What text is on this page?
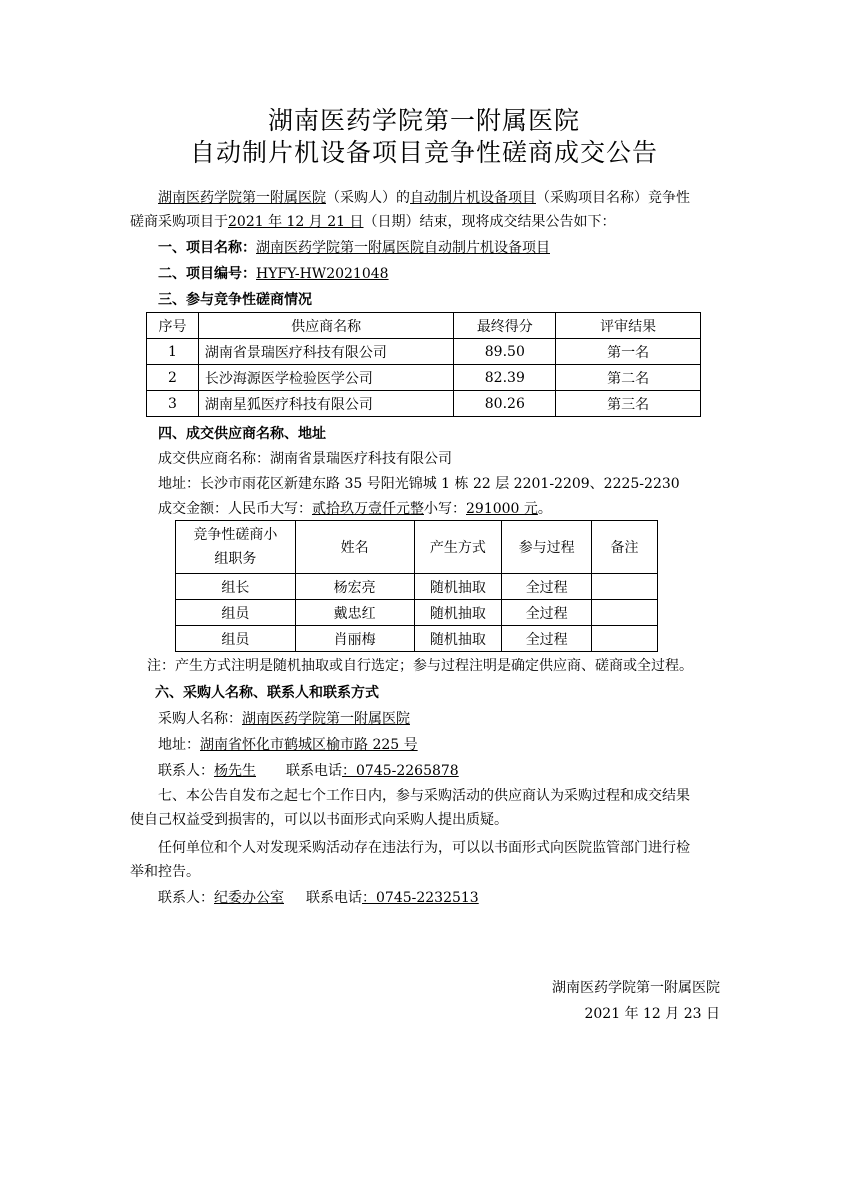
湖南医药学院第一附属医院
自动制片机设备项目竞争性磋商成交公告
湖南医药学院第一附属医院（采购人）的自动制片机设备项目（采购项目名称）竞争性
磋商采购项目于2021 年 12 月 21 日（日期）结束，现将成交结果公告如下：
一、项目名称：湖南医药学院第一附属医院自动制片机设备项目
二、项目编号：HYFY-HW2021048
三、参与竞争性磋商情况
序号	供应商名称	最终得分	评审结果
1	湖南省景瑞医疗科技有限公司	89.50	第一名
2	长沙海源医学检验医学公司	82.39	第二名
3	湖南星狐医疗科技有限公司	80.26	第三名
四、成交供应商名称、地址
成交供应商名称：湖南省景瑞医疗科技有限公司
地址：长沙市雨花区新建东路 35 号阳光锦城 1 栋 22 层 2201-2209、2225-2230
成交金额：人民币大写：贰拾玖万壹仟元整小写：291000 元。
竞争性磋商小组职务	姓名	产生方式	参与过程	备注
组长	杨宏亮	随机抽取	全过程	
组员	戴忠红	随机抽取	全过程	
组员	肖丽梅	随机抽取	全过程	
注：产生方式注明是随机抽取或自行选定；参与过程注明是确定供应商、磋商或全过程。
六、采购人名称、联系人和联系方式
采购人名称：湖南医药学院第一附属医院
地址：湖南省怀化市鹤城区榆市路 225 号
联系人：杨先生 联系电话：0745-2265878
七、本公告自发布之起七个工作日内，参与采购活动的供应商认为采购过程和成交结果
使自己权益受到损害的，可以以书面形式向采购人提出质疑。
任何单位和个人对发现采购活动存在违法行为，可以以书面形式向医院监管部门进行检
举和控告。
联系人：纪委办公室 联系电话：0745-2232513
湖南医药学院第一附属医院
2021 年 12 月 23 日
